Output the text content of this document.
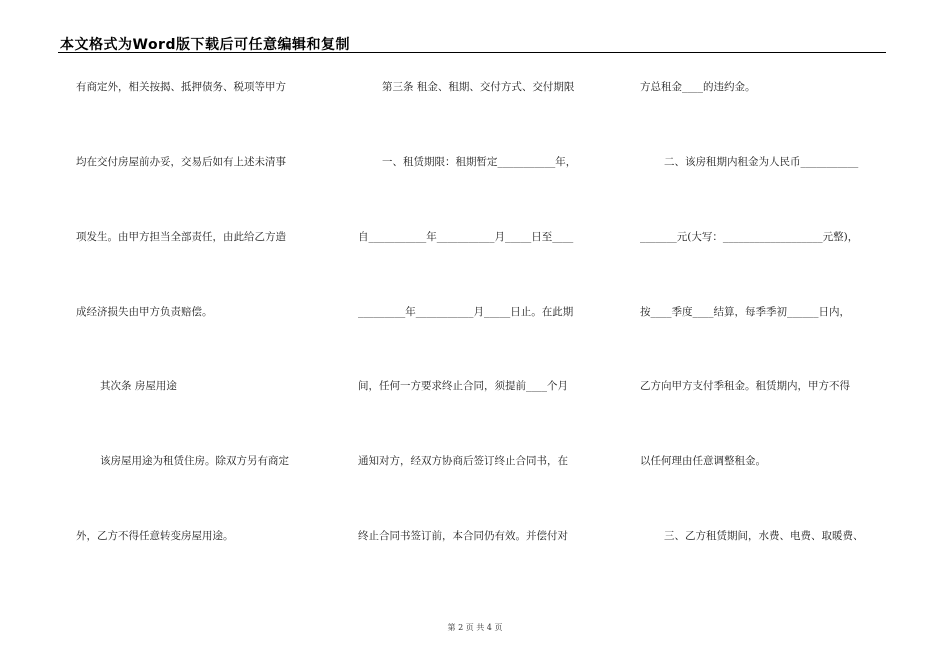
本文格式为Word版下载后可任意编辑和复制
有商定外，相关按揭、抵押债务、税项等甲方
均在交付房屋前办妥，交易后如有上述未清事
项发生。由甲方担当全部责任，由此给乙方造
成经济损失由甲方负责赔偿。
其次条 房屋用途
该房屋用途为租赁住房。除双方另有商定
外，乙方不得任意转变房屋用途。
第三条 租金、租期、交付方式、交付期限
一、租赁期限：租期暂定___________年，
自___________年___________月_____日至____
_________年___________月_____日止。在此期
间，任何一方要求终止合同，须提前____个月
通知对方，经双方协商后签订终止合同书，在
终止合同书签订前，本合同仍有效。并偿付对
方总租金____的违约金。
二、该房租期内租金为人民币___________
_______元(大写：___________________元整)，
按____季度____结算，每季季初______日内，
乙方向甲方支付季租金。租赁期内，甲方不得
以任何理由任意调整租金。
三、乙方租赁期间，水费、电费、取暖费、
第 2 页 共 4 页
